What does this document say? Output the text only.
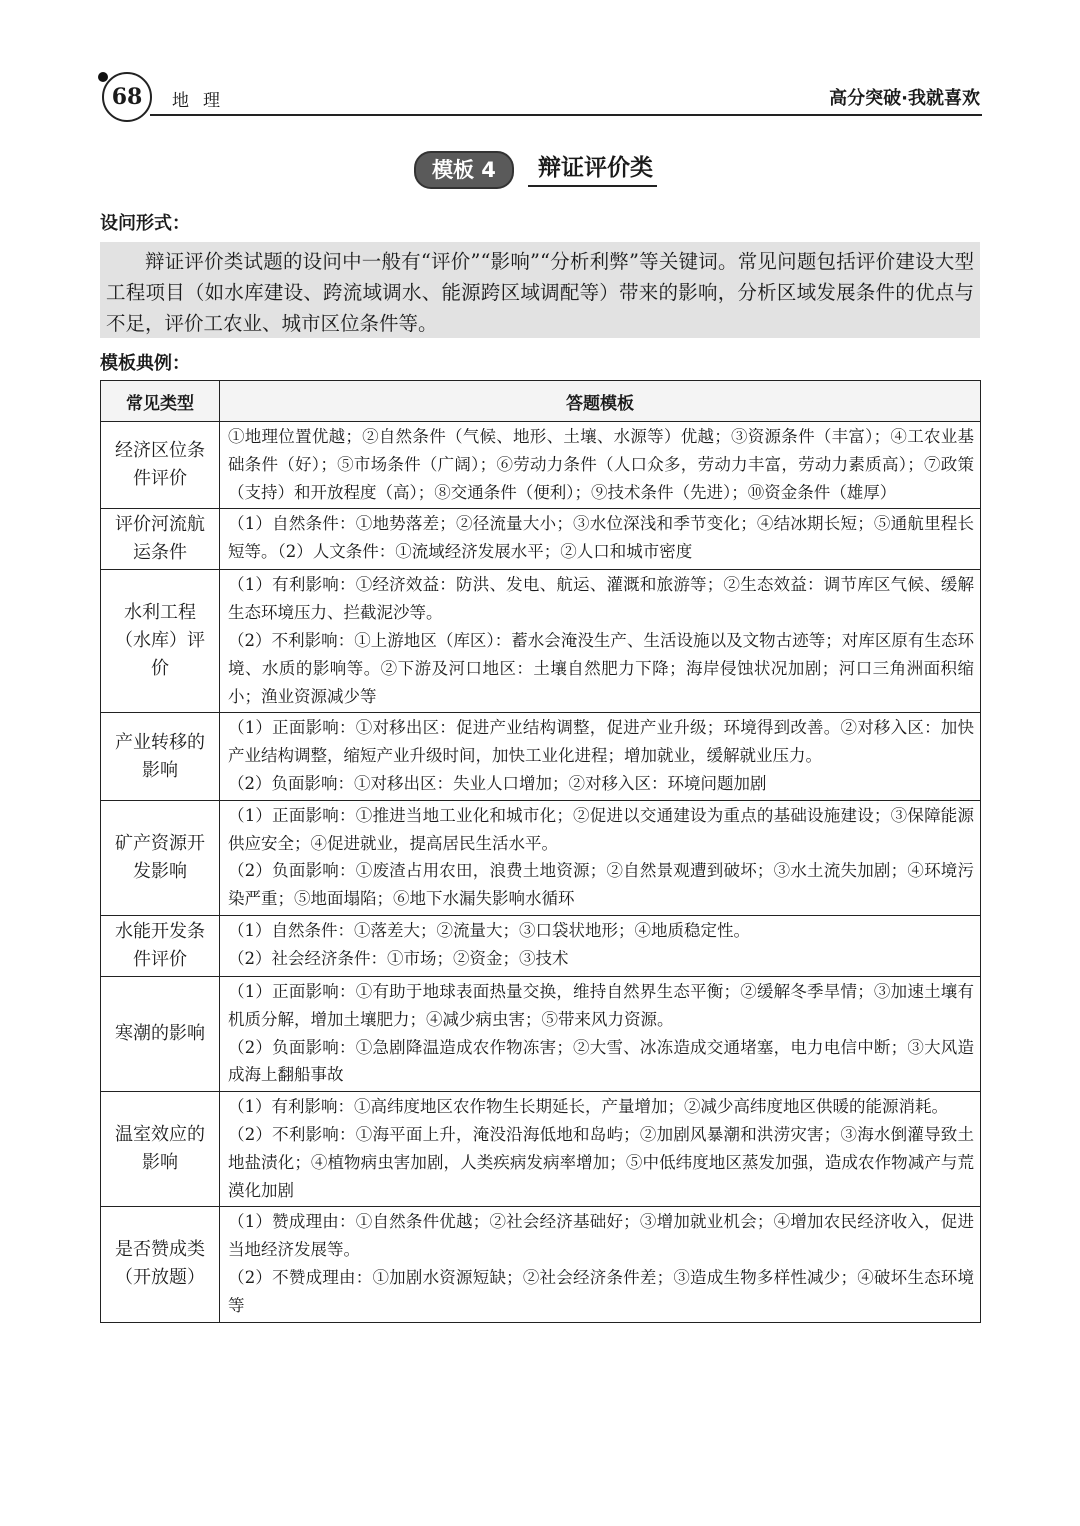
68	地理	高分突破·我就喜欢
模板 4	辩证评价类
设问形式：
辩证评价类试题的设问中一般有“评价”“影响”“分析利弊”等关键词。常见问题包括评价建设大型工程项目（如水库建设、跨流域调水、能源跨区域调配等）带来的影响，分析区域发展条件的优点与不足，评价工农业、城市区位条件等。
模板典例：
常见类型	答题模板
经济区位条件评价	①地理位置优越；②自然条件（气候、地形、土壤、水源等）优越；③资源条件（丰富）；④工农业基础条件（好）；⑤市场条件（广阔）；⑥劳动力条件（人口众多，劳动力丰富，劳动力素质高）；⑦政策（支持）和开放程度（高）；⑧交通条件（便利）；⑨技术条件（先进）；⑩资金条件（雄厚）

评价河流航运条件	（1）自然条件：①地势落差；②径流量大小；③水位深浅和季节变化；④结冰期长短；⑤通航里程长短等。（2）人文条件：①流域经济发展水平；②人口和城市密度

水利工程（水库）评价	（1）有利影响：①经济效益：防洪、发电、航运、灌溉和旅游等；②生态效益：调节库区气候、缓解生态环境压力、拦截泥沙等。
（2）不利影响：①上游地区（库区）：蓄水会淹没生产、生活设施以及文物古迹等；对库区原有生态环境、水质的影响等。②下游及河口地区：土壤自然肥力下降；海岸侵蚀状况加剧；河口三角洲面积缩小；渔业资源减少等

产业转移的影响	（1）正面影响：①对移出区：促进产业结构调整，促进产业升级；环境得到改善。②对移入区：加快产业结构调整，缩短产业升级时间，加快工业化进程；增加就业，缓解就业压力。
（2）负面影响：①对移出区：失业人口增加；②对移入区：环境问题加剧

矿产资源开发影响	（1）正面影响：①推进当地工业化和城市化；②促进以交通建设为重点的基础设施建设；③保障能源供应安全；④促进就业，提高居民生活水平。
（2）负面影响：①废渣占用农田，浪费土地资源；②自然景观遭到破坏；③水土流失加剧；④环境污染严重；⑤地面塌陷；⑥地下水漏失影响水循环

水能开发条件评价	（1）自然条件：①落差大；②流量大；③口袋状地形；④地质稳定性。
（2）社会经济条件：①市场；②资金；③技术

寒潮的影响	（1）正面影响：①有助于地球表面热量交换，维持自然界生态平衡；②缓解冬季旱情；③加速土壤有机质分解，增加土壤肥力；④减少病虫害；⑤带来风力资源。
（2）负面影响：①急剧降温造成农作物冻害；②大雪、冰冻造成交通堵塞，电力电信中断；③大风造成海上翻船事故

温室效应的影响	（1）有利影响：①高纬度地区农作物生长期延长，产量增加；②减少高纬度地区供暖的能源消耗。
（2）不利影响：①海平面上升，淹没沿海低地和岛屿；②加剧风暴潮和洪涝灾害；③海水倒灌导致土地盐渍化；④植物病虫害加剧，人类疾病发病率增加；⑤中低纬度地区蒸发加强，造成农作物减产与荒漠化加剧

是否赞成类（开放题）	（1）赞成理由：①自然条件优越；②社会经济基础好；③增加就业机会；④增加农民经济收入，促进当地经济发展等。
（2）不赞成理由：①加剧水资源短缺；②社会经济条件差；③造成生物多样性减少；④破坏生态环境等
